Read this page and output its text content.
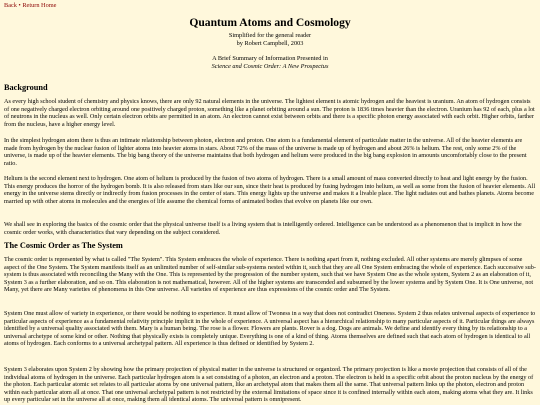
Back • Return Home
Quantum Atoms and Cosmology
Simplified for the general reader
by Robert Campbell, 2003
A Brief Summary of Information Presented in
Science and Cosmic Order: A New Prospectus
Background

As every high school student of chemistry and physics knows, there are only 92 natural elements in the universe. The lightest element is atomic hydrogen and the heaviest is uranium. An atom of hydrogen consists of one negatively charged electron orbiting around one positively charged proton, something like a planet orbiting around a sun. The proton is 1836 times heavier than the electron. Uranium has 92 of each, plus a lot of neutrons in the nucleus as well. Only certain electron orbits are permitted in an atom. An electron cannot exist between orbits and there is a specific photon energy associated with each orbit. Higher orbits, farther from the nucleus, have a higher energy level.

In the simplest hydrogen atom there is thus an intimate relationship between photon, electron and proton. One atom is a fundamental element of particulate matter in the universe. All of the heavier elements are made from hydrogen by the nuclear fusion of lighter atoms into heavier atoms in stars. About 72% of the mass of the universe is made up of hydrogen and about 26% is helium. The rest, only some 2% of the universe, is made up of the heavier elements. The big bang theory of the universe maintains that both hydrogen and helium were produced in the big bang explosion in amounts uncomfortably close to the present ratio.

Helium is the second element next to hydrogen. One atom of helium is produced by the fusion of two atoms of hydrogen. There is a small amount of mass converted directly to heat and light energy by the fusion. This energy produces the horror of the hydrogen bomb. It is also released from stars like our sun, since their heat is produced by fusing hydrogen into helium, as well as some from the fusion of heavier elements. All energy in the universe stems directly or indirectly from fusion processes in the center of stars. This energy lights up the universe and makes it a livable place. The light radiates out and bathes planets. Atoms become married up with other atoms in molecules and the energies of life assume the chemical forms of animated bodies that evolve on planets like our own.

We shall see in exploring the basics of the cosmic order that the physical universe itself is a living system that is intelligently ordered. Intelligence can be understood as a phenomenon that is implicit in how the cosmic order works, with characteristics that vary depending on the subject considered.

The Cosmic Order as The System

The cosmic order is represented by what is called "The System". This System embraces the whole of experience. There is nothing apart from it, nothing excluded. All other systems are merely glimpses of some aspect of the One System. The System manifests itself as an unlimited number of self-similar sub-systems nested within it, such that they are all One System embracing the whole of experience. Each successive sub-system is thus associated with reconciling the Many with the One. This is represented by the progression of the number system, such that we have System One as the whole system, System 2 as an elaboration of it, System 3 as a further elaboration, and so on. This elaboration is not mathematical, however. All of the higher systems are transcended and subsumed by the lower systems and by System One. It is One universe, not Many, yet there are Many varieties of phenomena in this One universe. All varieties of experience are thus expressions of the cosmic order and The System.

System One must allow of variety in experience, or there would be nothing to experience. It must allow of Twoness in a way that does not contradict Oneness. System 2 thus relates universal aspects of experience to particular aspects of experience as a fundamental relativity principle implicit in the whole of experience. A universal aspect has a hierarchical relationship to many particular aspects of it. Particular things are always identified by a universal quality associated with them. Mary is a human being. The rose is a flower. Flowers are plants. Rover is a dog. Dogs are animals. We define and identify every thing by its relationship to a universal archetype of some kind or other. Nothing that physically exists is completely unique. Everything is one of a kind of thing. Atoms themselves are defined such that each atom of hydrogen is identical to all atoms of hydrogen. Each conforms to a universal archetypal pattern. All experience is thus defined or identified by System 2.

System 3 elaborates upon System 2 by showing how the primary projection of physical matter in the universe is structured or organized. The primary projection is like a movie projection that consists of all of the individual atoms of hydrogen in the universe. Each particular hydrogen atom is a set consisting of a photon, an electron and a proton. The electron is held in a specific orbit about the proton nucleus by the energy of the photon. Each particular atomic set relates to all particular atoms by one universal pattern, like an archetypal atom that makes them all the same. That universal pattern links up the photon, electron and proton within each particular atom all at once. That one universal archetypal pattern is not restricted by the external limitations of space since it is confined internally within each atom, making atoms what they are. It links up every particular set in the universe all at once, making them all identical atoms. The universal pattern is omnipresent.
